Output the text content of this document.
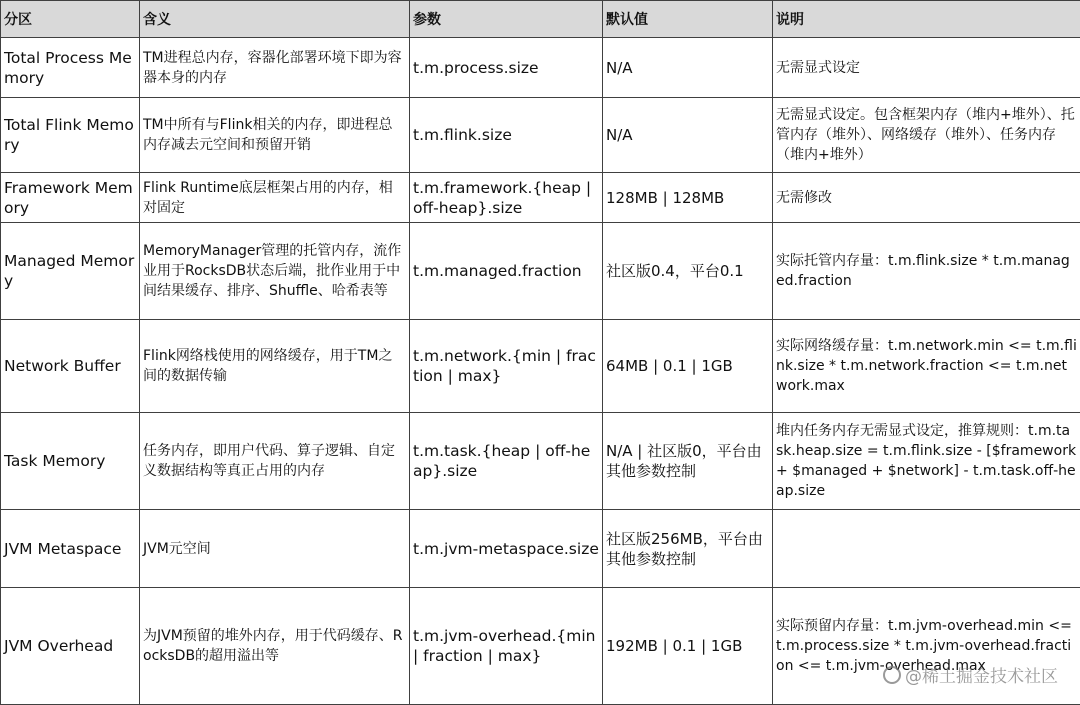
分区	含义	参数	默认值	说明
Total Process Memory	TM进程总内存，容器化部署环境下即为容器本身的内存	t.m.process.size	N/A	无需显式设定
Total Flink Memory	TM中所有与Flink相关的内存，即进程总内存减去元空间和预留开销	t.m.flink.size	N/A	无需显式设定。包含框架内存（堆内+堆外）、托管内存（堆外）、网络缓存（堆外）、任务内存（堆内+堆外）
Framework Memory	Flink Runtime底层框架占用的内存，相对固定	t.m.framework.{heap | off-heap}.size	128MB | 128MB	无需修改
Managed Memory	MemoryManager管理的托管内存，流作业用于RocksDB状态后端，批作业用于中间结果缓存、排序、Shuffle、哈希表等	t.m.managed.fraction	社区版0.4，平台0.1	实际托管内存量：t.m.flink.size * t.m.managed.fraction
Network Buffer	Flink网络栈使用的网络缓存，用于TM之间的数据传输	t.m.network.{min | fraction | max}	64MB | 0.1 | 1GB	实际网络缓存量：t.m.network.min <= t.m.flink.size * t.m.network.fraction <= t.m.network.max
Task Memory	任务内存，即用户代码、算子逻辑、自定义数据结构等真正占用的内存	t.m.task.{heap | off-heap}.size	N/A | 社区版0，平台由其他参数控制	堆内任务内存无需显式设定，推算规则：t.m.task.heap.size = t.m.flink.size - [$framework + $managed + $network] - t.m.task.off-heap.size
JVM Metaspace	JVM元空间	t.m.jvm-metaspace.size	社区版256MB，平台由其他参数控制	
JVM Overhead	为JVM预留的堆外内存，用于代码缓存、RocksDB的超用溢出等	t.m.jvm-overhead.{min | fraction | max}	192MB | 0.1 | 1GB	实际预留内存量：t.m.jvm-overhead.min <= t.m.process.size * t.m.jvm-overhead.fraction <= t.m.jvm-overhead.max
@稀土掘金技术社区
